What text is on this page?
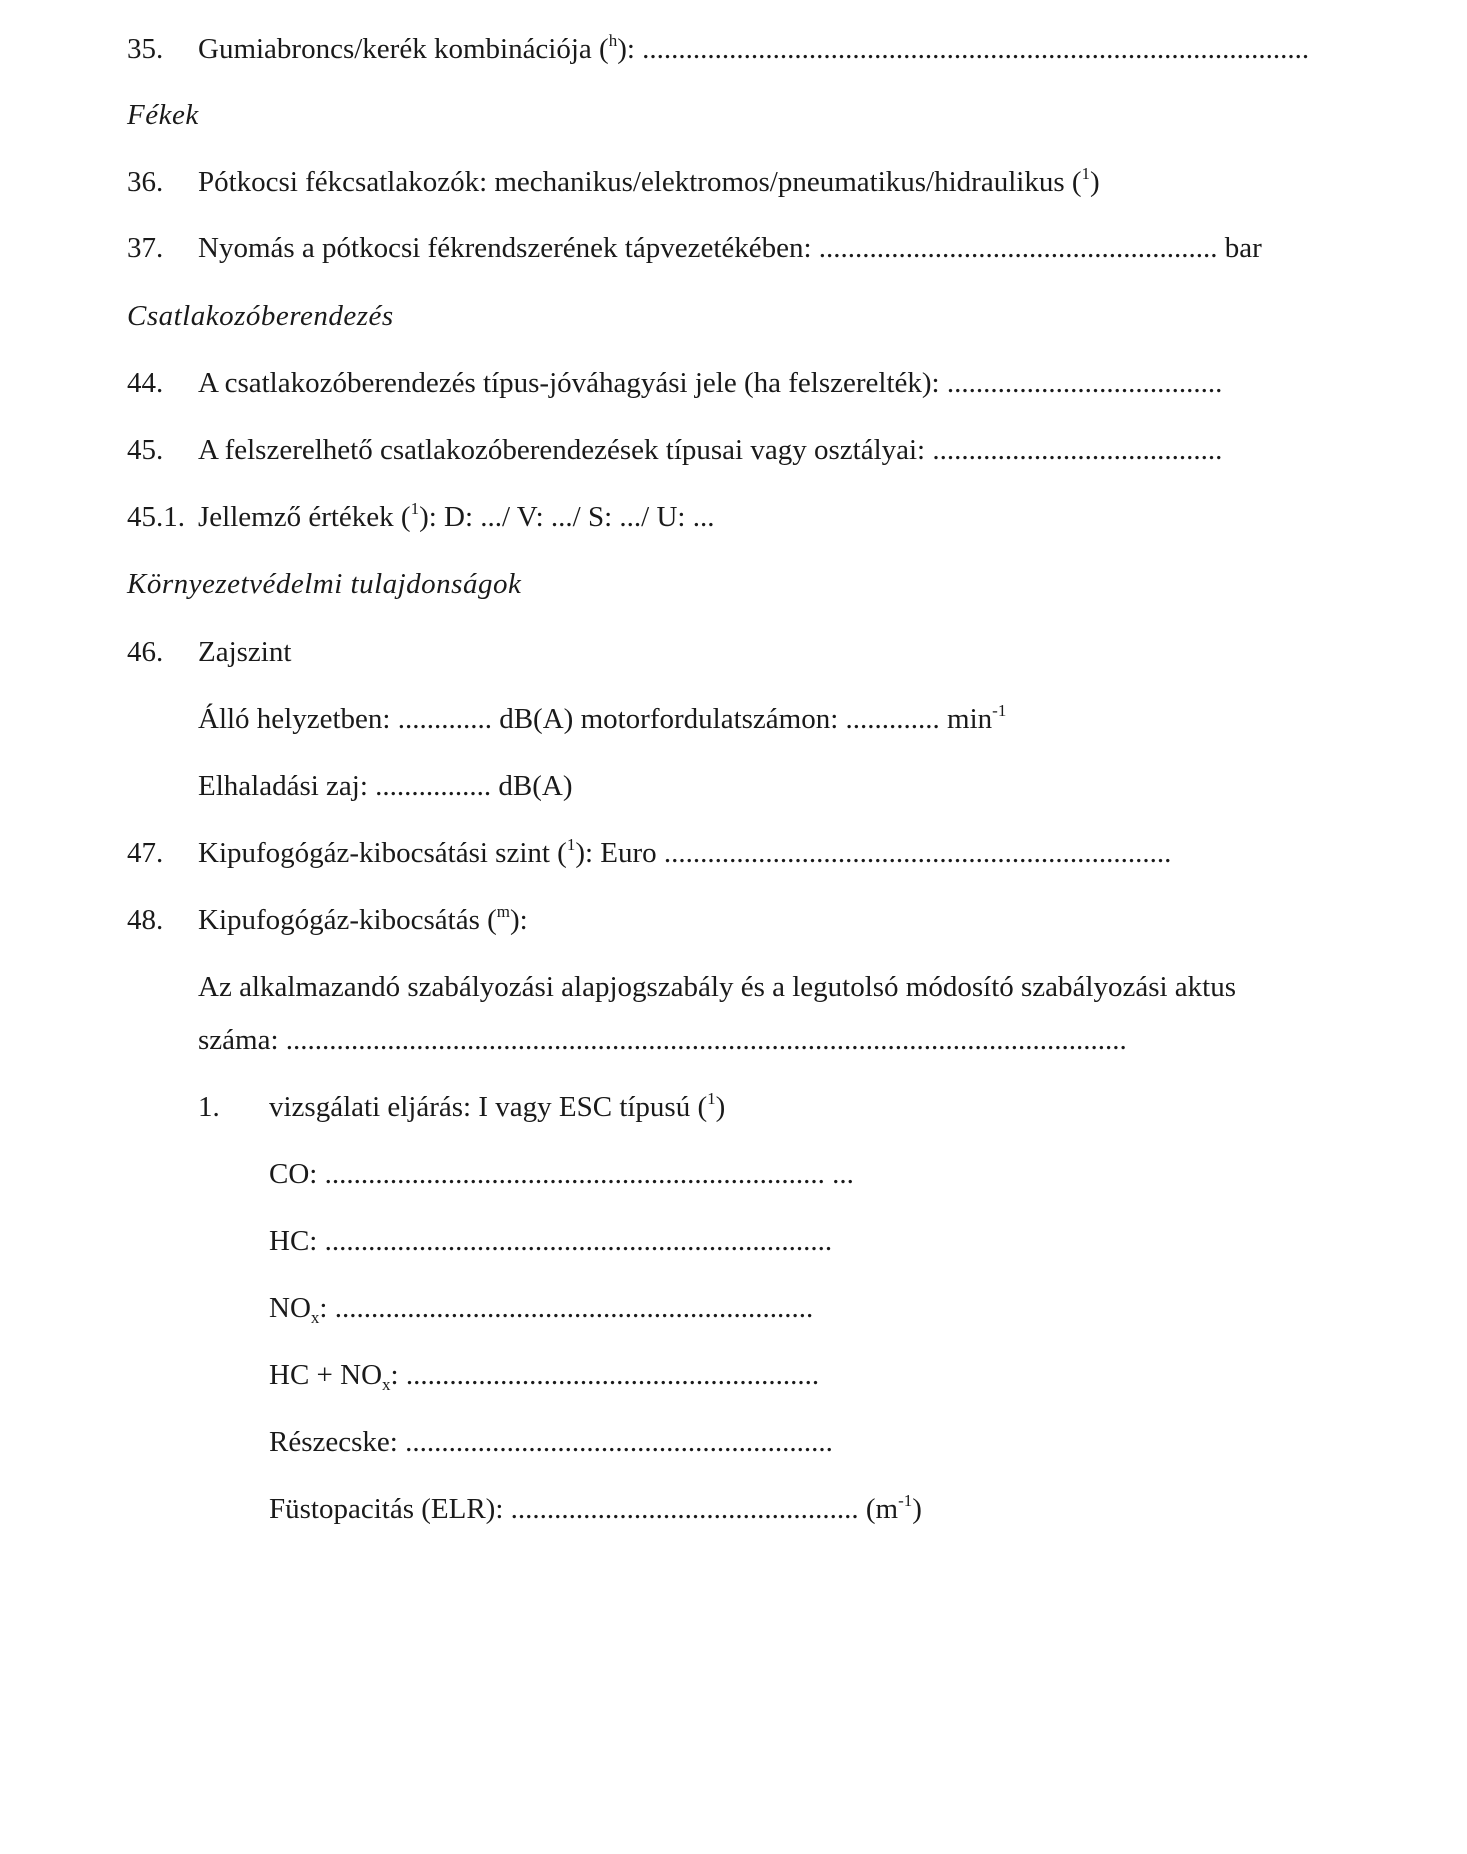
35. Gumiabroncs/kerék kombinációja ($^h$): ............................................................................................
Fékek
36. Pótkocsi fékcsatlakozók: mechanikus/elektromos/pneumatikus/hidraulikus ($^1$)
37. Nyomás a pótkocsi fékrendszerének tápvezetékében: ....................................................... bar
Csatlakozóberendezés
44. A csatlakozóberendezés típus-jóváhagyási jele (ha felszerelték): ......................................
45. A felszerelhető csatlakozóberendezések típusai vagy osztályai: ........................................
45.1. Jellemző értékek ($^1$): D: .../ V: .../ S: .../ U: ...
Környezetvédelmi tulajdonságok
46. Zajszint
Álló helyzetben: ............. dB(A) motorfordulatszámon: ............. $\min^{-1}$
Elhaladási zaj: ................ dB(A)
47. Kipufogógáz-kibocsátási szint ($^1$): Euro ......................................................................
48. Kipufogógáz-kibocsátás ($^m$):
Az alkalmazandó szabályozási alapjogszabály és a legutolsó módosító szabályozási aktus
száma: ....................................................................................................................
1. vizsgálati eljárás: I vagy ESC típusú ($^1$)
CO: ..................................................................... ...
HC: ......................................................................
$NO_x$: ..................................................................
HC + $NO_x$: .........................................................
Részecske: ...........................................................
Füstopacitás (ELR): ................................................ $(m^{-1})$
